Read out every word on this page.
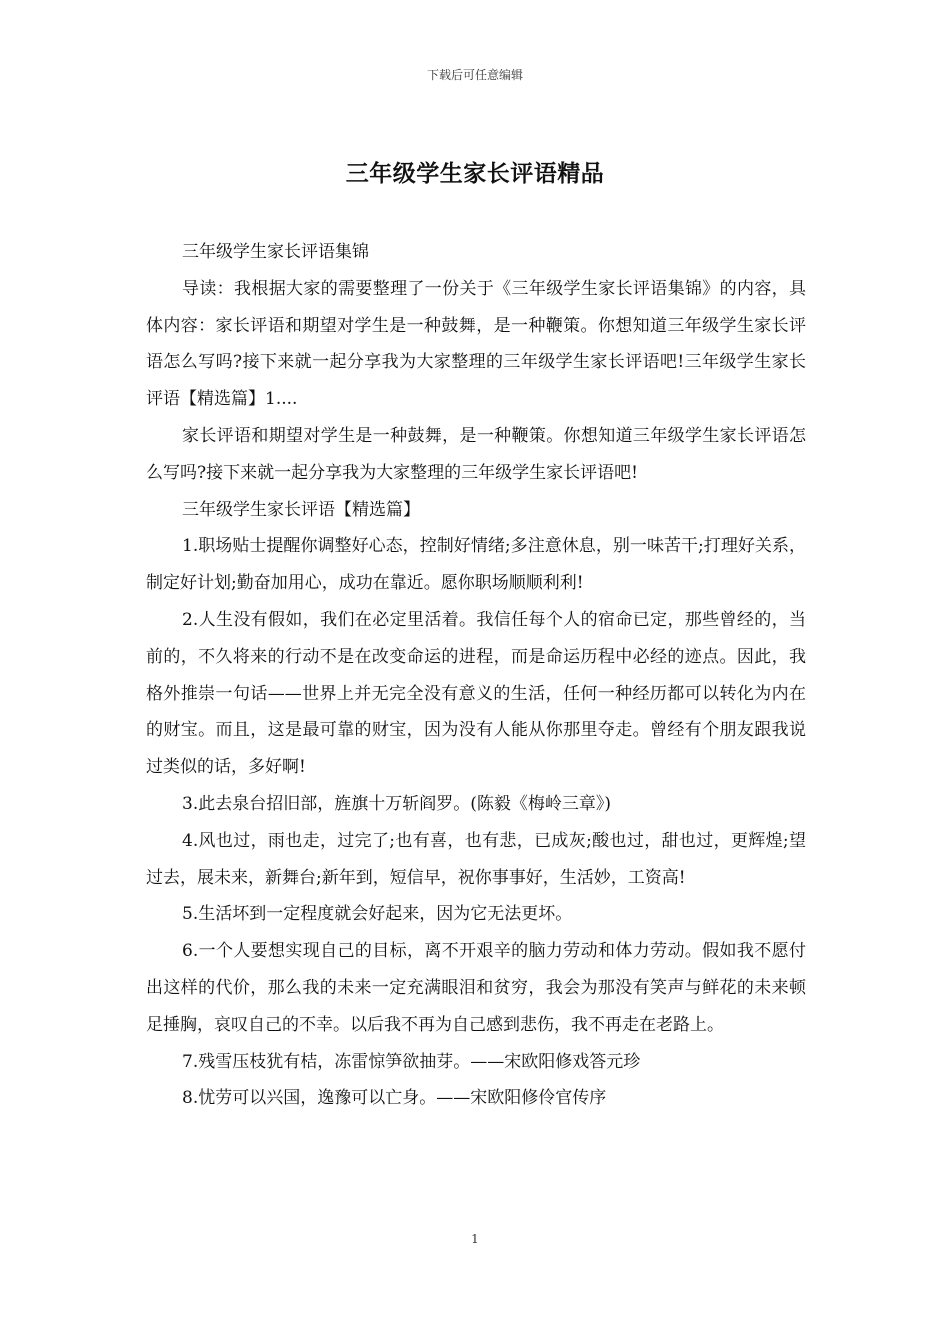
下载后可任意编辑
三年级学生家长评语精品

三年级学生家长评语集锦

导读：我根据大家的需要整理了一份关于《三年级学生家长评语集锦》的内容，具体内容：家长评语和期望对学生是一种鼓舞，是一种鞭策。你想知道三年级学生家长评语怎么写吗?接下来就一起分享我为大家整理的三年级学生家长评语吧!三年级学生家长评语【精选篇】1....

家长评语和期望对学生是一种鼓舞，是一种鞭策。你想知道三年级学生家长评语怎么写吗?接下来就一起分享我为大家整理的三年级学生家长评语吧!

三年级学生家长评语【精选篇】

1.职场贴士提醒你调整好心态，控制好情绪;多注意休息，别一味苦干;打理好关系，制定好计划;勤奋加用心，成功在靠近。愿你职场顺顺利利!

2.人生没有假如，我们在必定里活着。我信任每个人的宿命已定，那些曾经的，当前的，不久将来的行动不是在改变命运的进程，而是命运历程中必经的迹点。因此，我格外推崇一句话——世界上并无完全没有意义的生活，任何一种经历都可以转化为内在的财宝。而且，这是最可靠的财宝，因为没有人能从你那里夺走。曾经有个朋友跟我说过类似的话，多好啊!

3.此去泉台招旧部，旌旗十万斩阎罗。(陈毅《梅岭三章》)

4.风也过，雨也走，过完了;也有喜，也有悲，已成灰;酸也过，甜也过，更辉煌;望过去，展未来，新舞台;新年到，短信早，祝你事事好，生活妙，工资高!

5.生活坏到一定程度就会好起来，因为它无法更坏。

6.一个人要想实现自己的目标，离不开艰辛的脑力劳动和体力劳动。假如我不愿付出这样的代价，那么我的未来一定充满眼泪和贫穷，我会为那没有笑声与鲜花的未来顿足捶胸，哀叹自己的不幸。以后我不再为自己感到悲伤，我不再走在老路上。

7.残雪压枝犹有桔，冻雷惊笋欲抽芽。——宋欧阳修戏答元珍

8.忧劳可以兴国，逸豫可以亡身。——宋欧阳修伶官传序

1
